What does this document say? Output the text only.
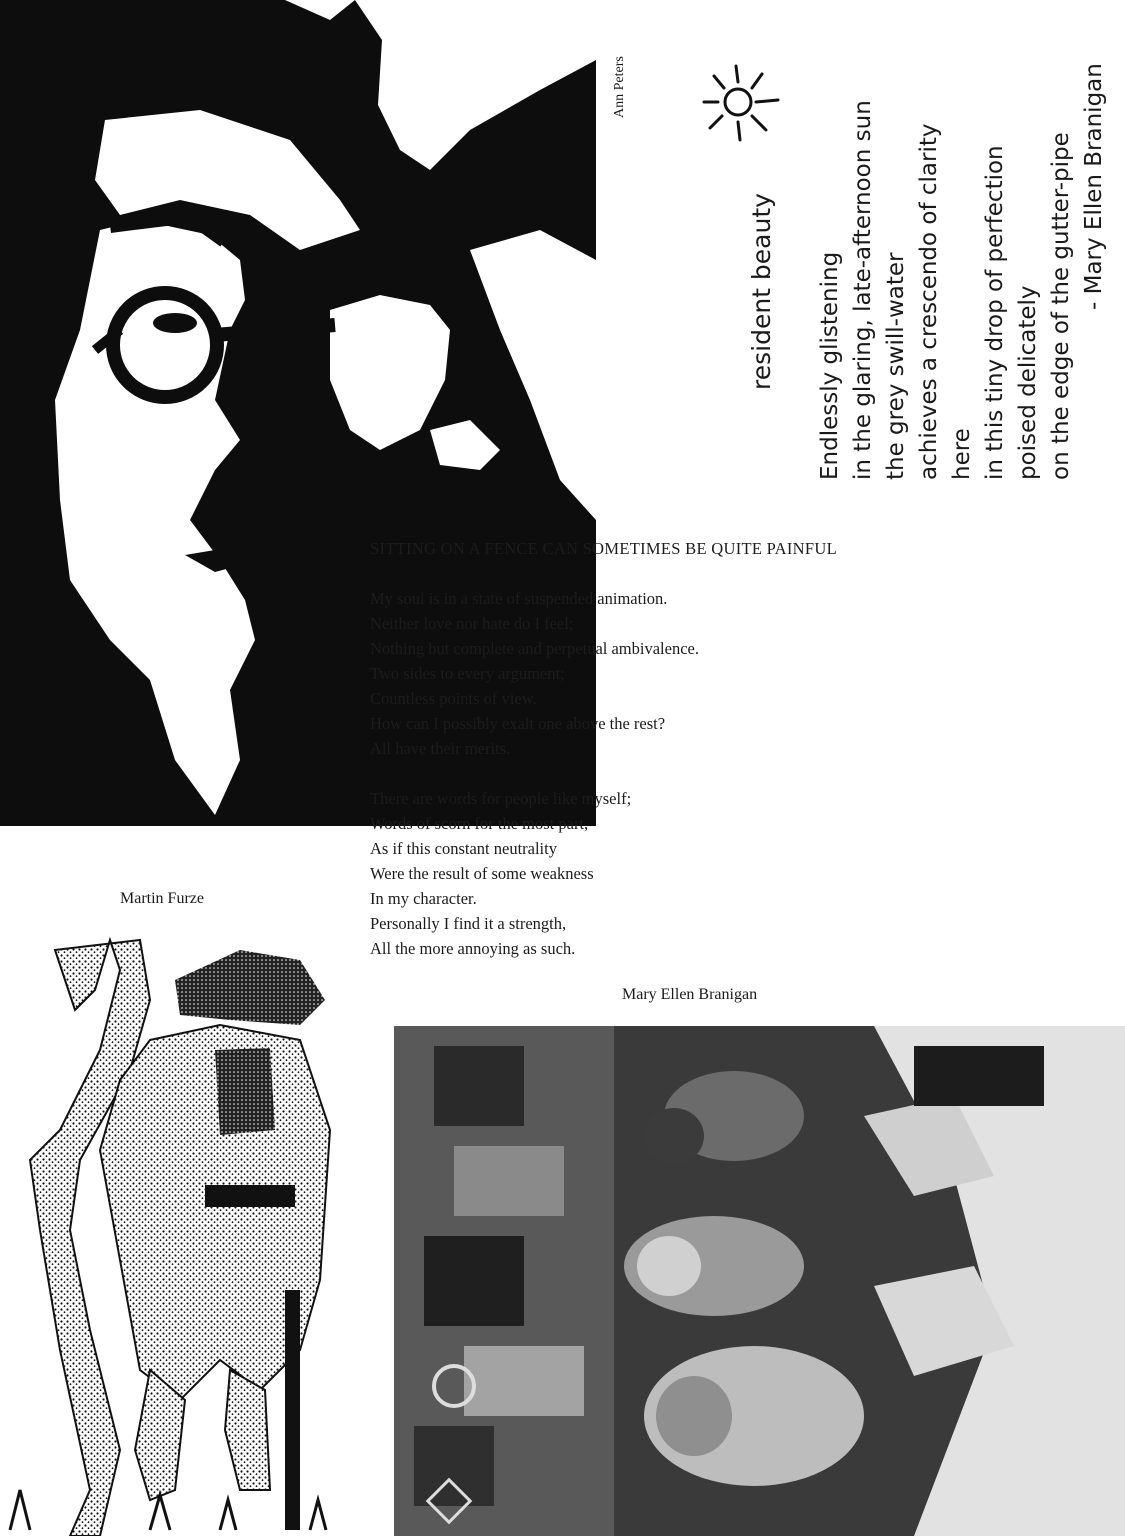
Ann Peters
resident beauty Endlessly glistening in the glaring, late-afternoon sun the grey swill-water achieves a crescendo of clarity here in this tiny drop of perfection poised delicately on the edge of the gutter-pipe - Mary Ellen Branigan
SITTING ON A FENCE CAN SOMETIMES BE QUITE PAINFUL
My soul is in a state of suspended animation.
Neither love nor hate do I feel;
Nothing but complete and perpetual ambivalence.
Two sides to every argument;
Countless points of view.
How can I possibly exalt one above the rest?
All have their merits.
There are words for people like myself;
Words of scorn for the most part,
As if this constant neutrality
Were the result of some weakness
In my character.
Personally I find it a strength,
All the more annoying as such.
Martin Furze
Mary Ellen Branigan
